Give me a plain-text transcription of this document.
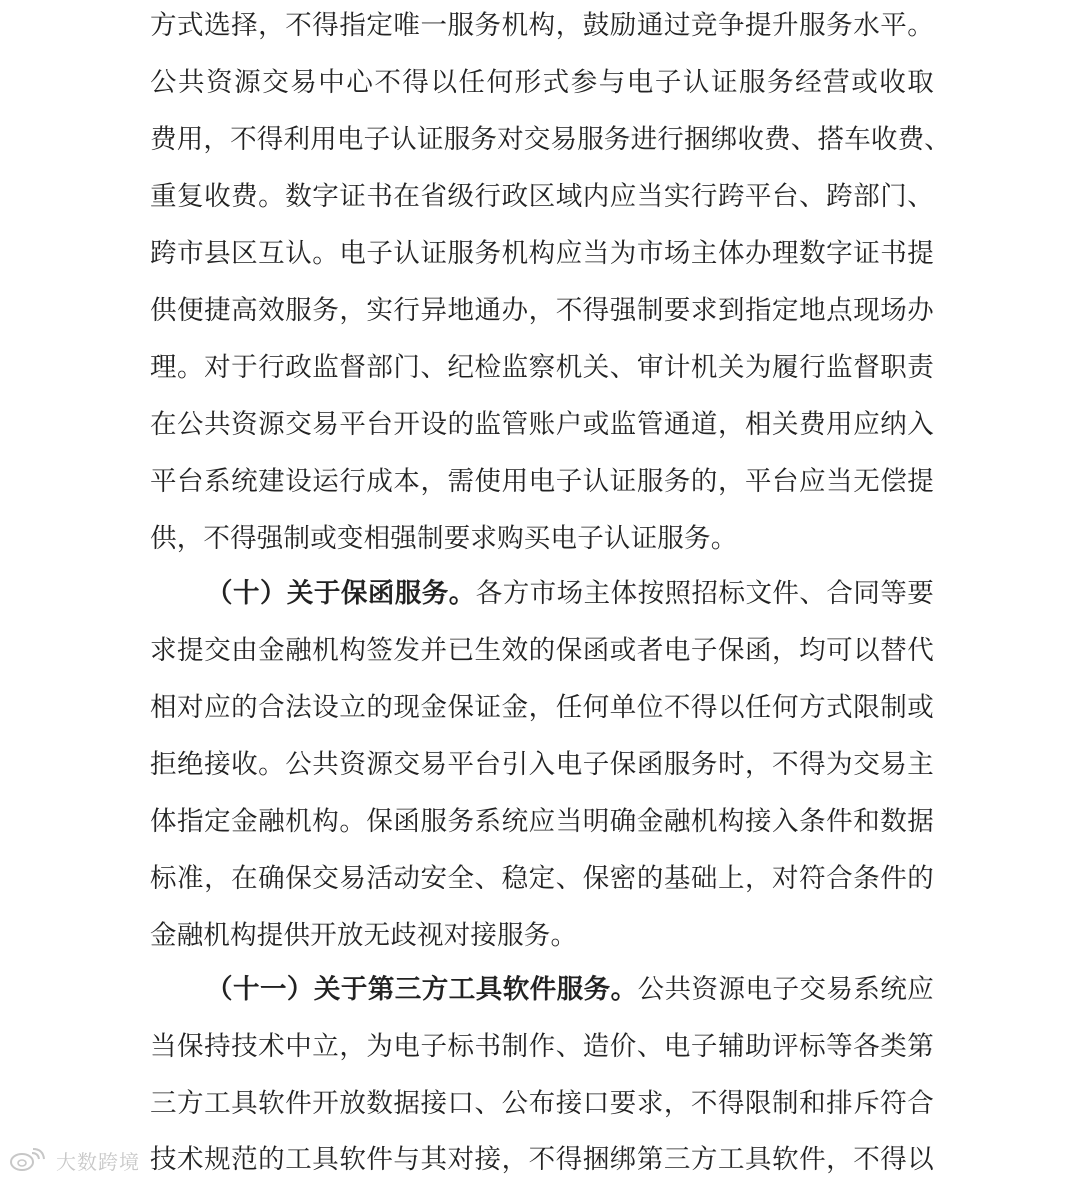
方式选择，不得指定唯一服务机构，鼓励通过竞争提升服务水平。
公共资源交易中心不得以任何形式参与电子认证服务经营或收取
费用，不得利用电子认证服务对交易服务进行捆绑收费、搭车收费、
重复收费。数字证书在省级行政区域内应当实行跨平台、跨部门、
跨市县区互认。电子认证服务机构应当为市场主体办理数字证书提
供便捷高效服务，实行异地通办，不得强制要求到指定地点现场办
理。对于行政监督部门、纪检监察机关、审计机关为履行监督职责
在公共资源交易平台开设的监管账户或监管通道，相关费用应纳入
平台系统建设运行成本，需使用电子认证服务的，平台应当无偿提
供，不得强制或变相强制要求购买电子认证服务。
（十）关于保函服务。各方市场主体按照招标文件、合同等要
求提交由金融机构签发并已生效的保函或者电子保函，均可以替代
相对应的合法设立的现金保证金，任何单位不得以任何方式限制或
拒绝接收。公共资源交易平台引入电子保函服务时，不得为交易主
体指定金融机构。保函服务系统应当明确金融机构接入条件和数据
标准，在确保交易活动安全、稳定、保密的基础上，对符合条件的
金融机构提供开放无歧视对接服务。
（十一）关于第三方工具软件服务。公共资源电子交易系统应
当保持技术中立，为电子标书制作、造价、电子辅助评标等各类第
三方工具软件开放数据接口、公布接口要求，不得限制和排斥符合
技术规范的工具软件与其对接，不得捆绑第三方工具软件，不得以
大数跨境
